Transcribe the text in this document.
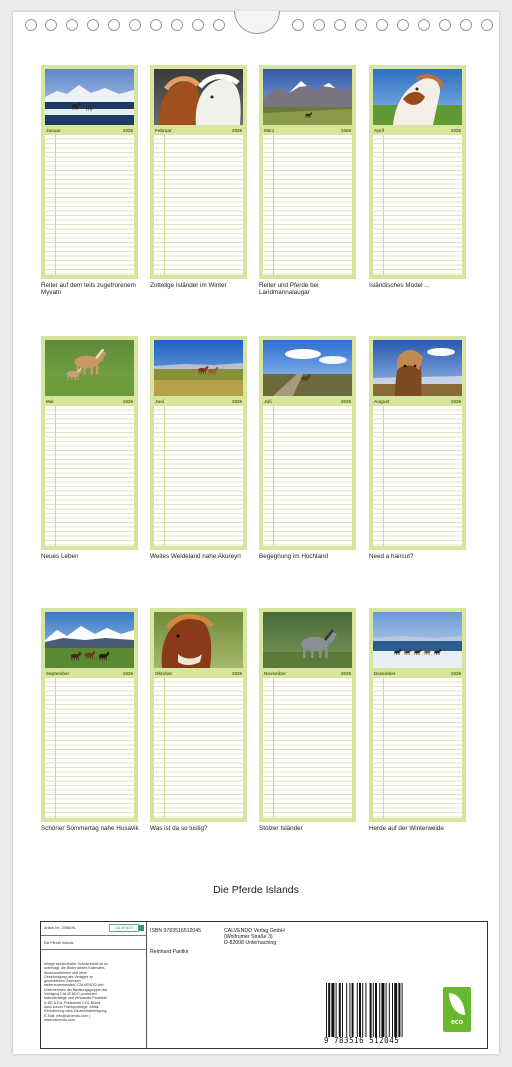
Januar	2026
Reiter auf dem teils zugefrorenem Myvatn
Februar	2026
Zottelige Isländer im Winter
März	2026
Reiter und Pferde bei Landmannalaugar
April	2026
Isländisches Model ...
Mai	2026
Neues Leben
Juni	2026
Weites Weideland nahe Akureyri
Juli	2026
Begegnung im Hochland
August	2026
Need a haircut?
September	2026
Schöner Sommertag nahe Husavik
Oktober	2026
Was ist da so lustig?
November	2026
Stolzer Isländer
Dezember	2026
Herde auf der Winterweide
Die Pferde Islands
Artikel-Nr.: 2086291	CALVENDO
Die Pferde Islands
Infolge beschränkter Schutzrechte ist es untersagt, die Bilder dieses Kalenders herauszutrennen und ohne Genehmigung des Verlages zu gewerblichen Zwecken weiterzuverwenden. CALVENDO (ein Unternehmen der Beratungsgruppe des Verlages) CALVENDO produziert kalenderartige und verwandte Produkte in DE & EU. Preiswerte CO2-Bilanz dank kurzer Transportwege. Abfall-Reduzierung dank Einzelstückfertigung. E-Mail: info@calvendo.com | www.calvendo.com
ISBN 9783516512045
Reinhard Pantke
CALVENDO Verlag GmbH
(Wolfrumer Straße 3)
D-82008 Unterhaching
9 783516 512045
eco
